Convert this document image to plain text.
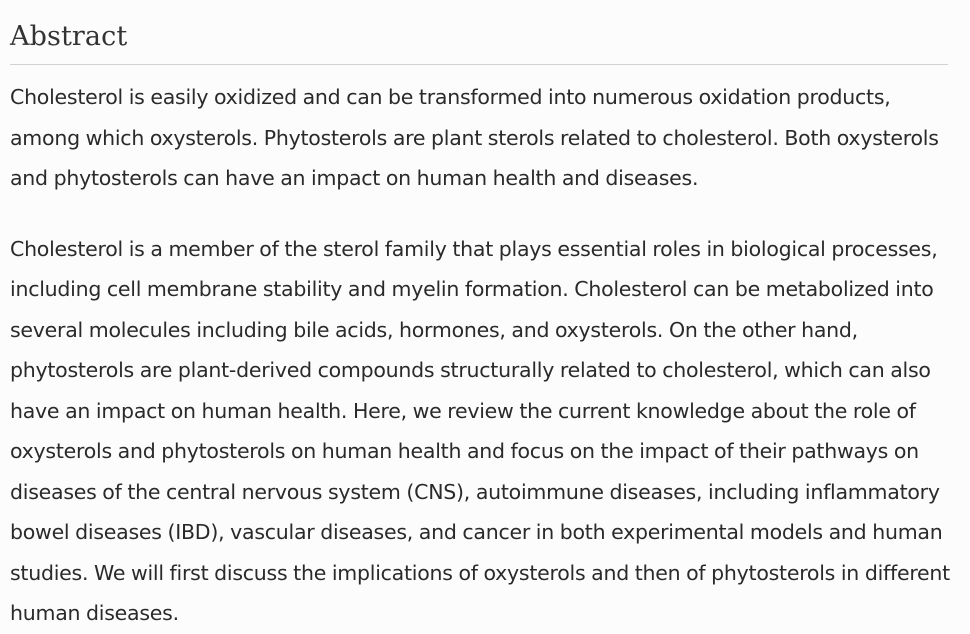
Abstract

Cholesterol is easily oxidized and can be transformed into numerous oxidation products, among which oxysterols. Phytosterols are plant sterols related to cholesterol. Both oxysterols and phytosterols can have an impact on human health and diseases.

Cholesterol is a member of the sterol family that plays essential roles in biological processes, including cell membrane stability and myelin formation. Cholesterol can be metabolized into several molecules including bile acids, hormones, and oxysterols. On the other hand, phytosterols are plant-derived compounds structurally related to cholesterol, which can also have an impact on human health. Here, we review the current knowledge about the role of oxysterols and phytosterols on human health and focus on the impact of their pathways on diseases of the central nervous system (CNS), autoimmune diseases, including inflammatory bowel diseases (IBD), vascular diseases, and cancer in both experimental models and human studies. We will first discuss the implications of oxysterols and then of phytosterols in different human diseases.
